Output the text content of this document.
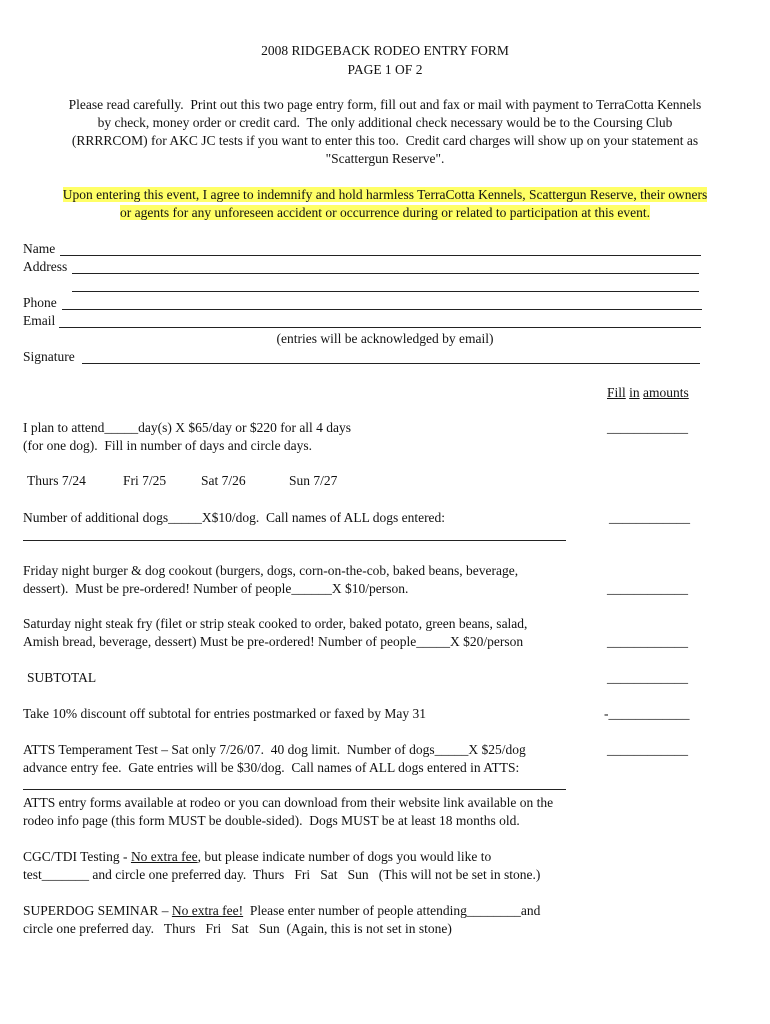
2008 RIDGEBACK RODEO ENTRY FORM
PAGE 1 OF 2
Please read carefully.  Print out this two page entry form, fill out and fax or mail with payment to TerraCotta Kennels
by check, money order or credit card.  The only additional check necessary would be to the Coursing Club
(RRRRCOM) for AKC JC tests if you want to enter this too.  Credit card charges will show up on your statement as
"Scattergun Reserve".
Upon entering this event, I agree to indemnify and hold harmless TerraCotta Kennels, Scattergun Reserve, their owners
or agents for any unforeseen accident or occurrence during or related to participation at this event.
Name
Address
Phone
Email
(entries will be acknowledged by email)
Signature
Fill in amounts
I plan to attend_____day(s) X $65/day or $220 for all 4 days	____________
(for one dog).  Fill in number of days and circle days.
Thurs 7/24	Fri 7/25	Sat 7/26	Sun 7/27
Number of additional dogs_____X$10/dog.  Call names of ALL dogs entered:	____________
Friday night burger & dog cookout (burgers, dogs, corn-on-the-cob, baked beans, beverage,
dessert).  Must be pre-ordered! Number of people______X $10/person.	____________
Saturday night steak fry (filet or strip steak cooked to order, baked potato, green beans, salad,
Amish bread, beverage, dessert) Must be pre-ordered! Number of people_____X $20/person	____________
SUBTOTAL	____________
Take 10% discount off subtotal for entries postmarked or faxed by May 31	-____________
ATTS Temperament Test – Sat only 7/26/07.  40 dog limit.  Number of dogs_____X $25/dog	____________
advance entry fee.  Gate entries will be $30/dog.  Call names of ALL dogs entered in ATTS:
ATTS entry forms available at rodeo or you can download from their website link available on the
rodeo info page (this form MUST be double-sided).  Dogs MUST be at least 18 months old.
CGC/TDI Testing - No extra fee, but please indicate number of dogs you would like to
test_______ and circle one preferred day.  Thurs   Fri   Sat   Sun   (This will not be set in stone.)
SUPERDOG SEMINAR – No extra fee!  Please enter number of people attending________and
circle one preferred day.   Thurs   Fri   Sat   Sun  (Again, this is not set in stone)
